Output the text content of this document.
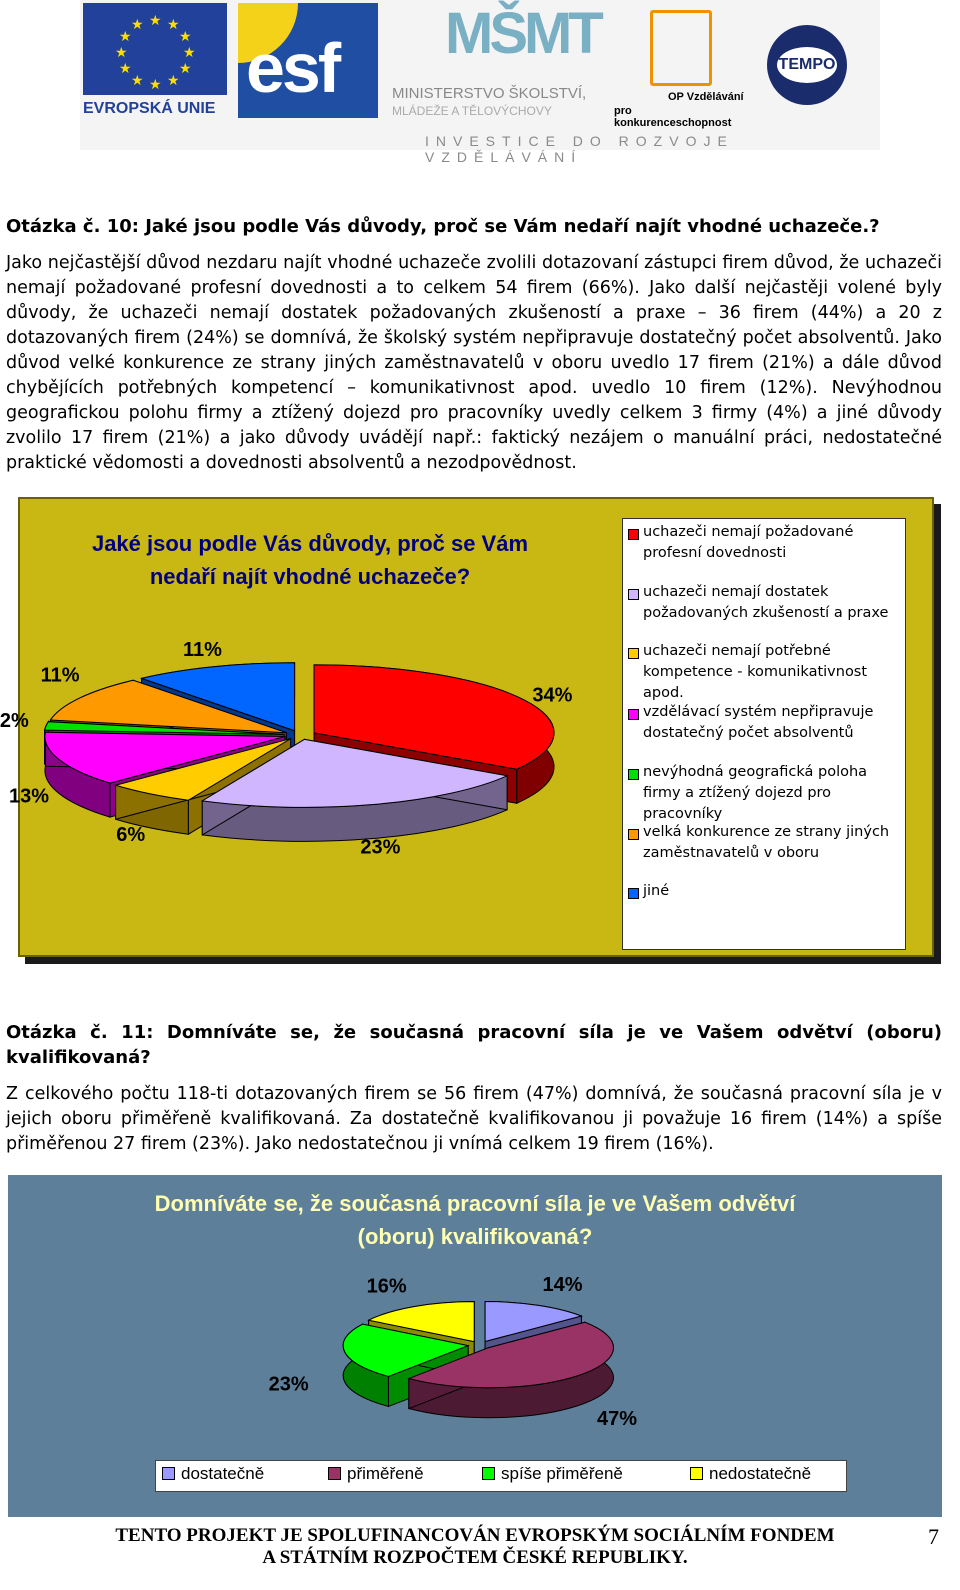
★ ★
★
★
★
★
★
★
★
★
★
★
EVROPSKÁ UNIE
esf MŠMT
MINISTERSTVO ŠKOLSTVÍ,
MLÁDEŽE A TĚLOVÝCHOVY
OP Vzdělávání
pro konkurenceschopnost
TEMPO
INVESTICE DO ROZVOJE VZDĚLÁVÁNÍ
Otázka č. 10: Jaké jsou podle Vás důvody, proč se Vám nedaří najít vhodné uchazeče.?
Jako nejčastější důvod nezdaru najít vhodné uchazeče zvolili dotazovaní zástupci firem důvod, že uchazeči nemají požadované profesní dovednosti a to celkem 54 firem (66%). Jako další nejčastěji volené byly důvody, že uchazeči nemají dostatek požadovaných zkušeností a praxe – 36 firem (44%) a 20 z dotazovaných firem (24%) se domnívá, že školský systém nepřipravuje dostatečný počet absolventů. Jako důvod velké konkurence ze strany jiných zaměstnavatelů v oboru uvedlo 17 firem (21%) a dále důvod chybějících potřebných kompetencí – komunikativnost apod. uvedlo 10 firem (12%). Nevýhodnou geografickou polohu firmy a ztížený dojezd pro pracovníky uvedly celkem 3 firmy (4%) a jiné důvody zvolilo 17 firem (21%) a jako důvody uvádějí např.: faktický nezájem o manuální práci, nedostatečné praktické vědomosti a dovednosti absolventů a nezodpovědnost.
Jaké jsou podle Vás důvody, proč se Vám
nedaří najít vhodné uchazeče?
34%
23%
6%
13%
2%
11%
11%
uchazeči nemají požadované profesní dovednosti
uchazeči nemají dostatek požadovaných zkušeností a praxe
uchazeči nemají potřebné kompetence - komunikativnost apod.
vzdělávací systém nepřipravuje dostatečný počet absolventů
nevýhodná geografická poloha firmy a ztížený dojezd pro pracovníky
velká konkurence ze strany jiných zaměstnavatelů v oboru
jiné
Otázka č. 11: Domníváte se, že současná pracovní síla je ve Vašem odvětví (oboru) kvalifikovaná?
Z celkového počtu 118-ti dotazovaných firem se 56 firem (47%) domnívá, že současná pracovní síla je v jejich oboru přiměřeně kvalifikovaná. Za dostatečně kvalifikovanou ji považuje 16 firem (14%) a spíše přiměřenou 27 firem (23%). Jako nedostatečnou ji vnímá celkem 19 firem (16%).
Domníváte se, že současná pracovní síla je ve Vašem odvětví
(oboru) kvalifikovaná?
14%
47%
23%
16%
dostatečně	přiměřeně	spíše přiměřeně	nedostatečně
TENTO PROJEKT JE SPOLUFINANCOVÁN EVROPSKÝM SOCIÁLNÍM FONDEM
A STÁTNÍM ROZPOČTEM ČESKÉ REPUBLIKY.
7
